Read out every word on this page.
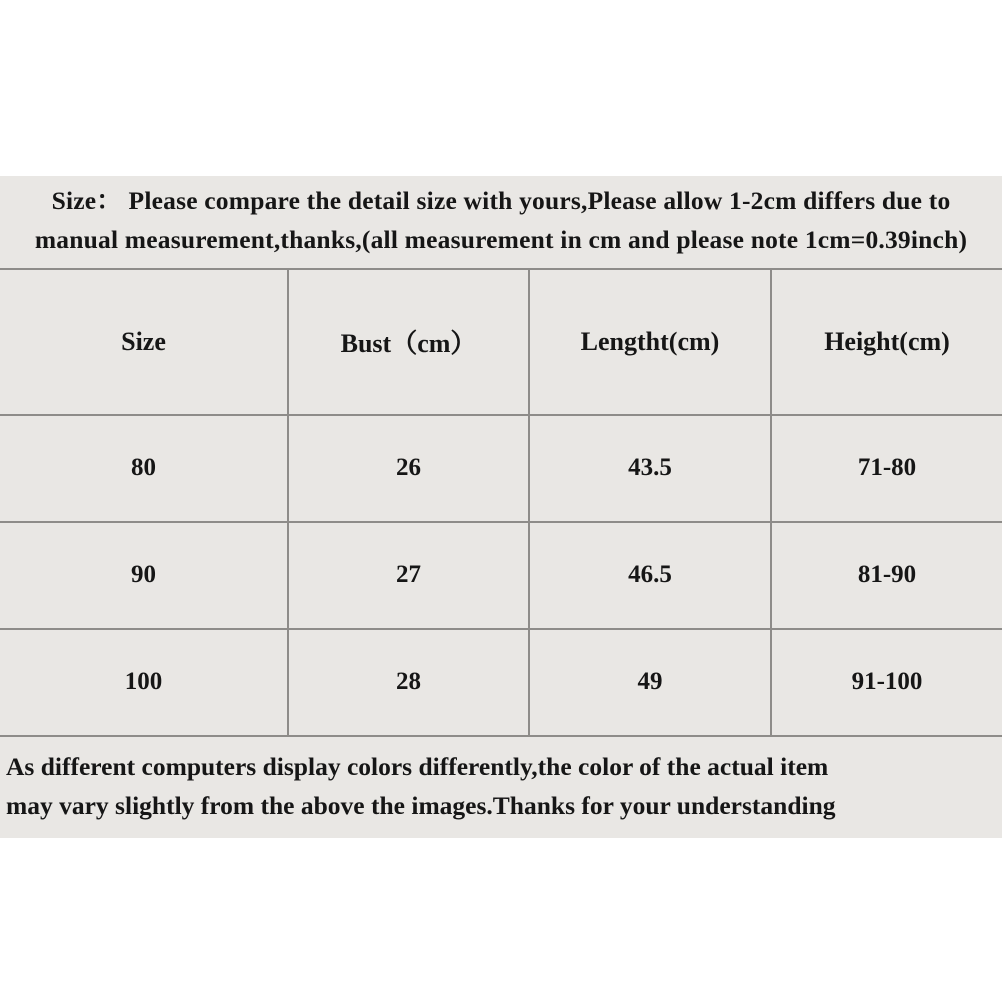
Size： Please compare the detail size with yours,Please allow 1-2cm differs due to manual measurement,thanks,(all measurement in cm and please note 1cm=0.39inch)
Size	Bust（cm）	Lengtht(cm)	Height(cm)
80	26	43.5	71-80
90	27	46.5	81-90
100	28	49	91-100
As different computers display colors differently,the color of the actual item
may vary slightly from the above the images.Thanks for your understanding
